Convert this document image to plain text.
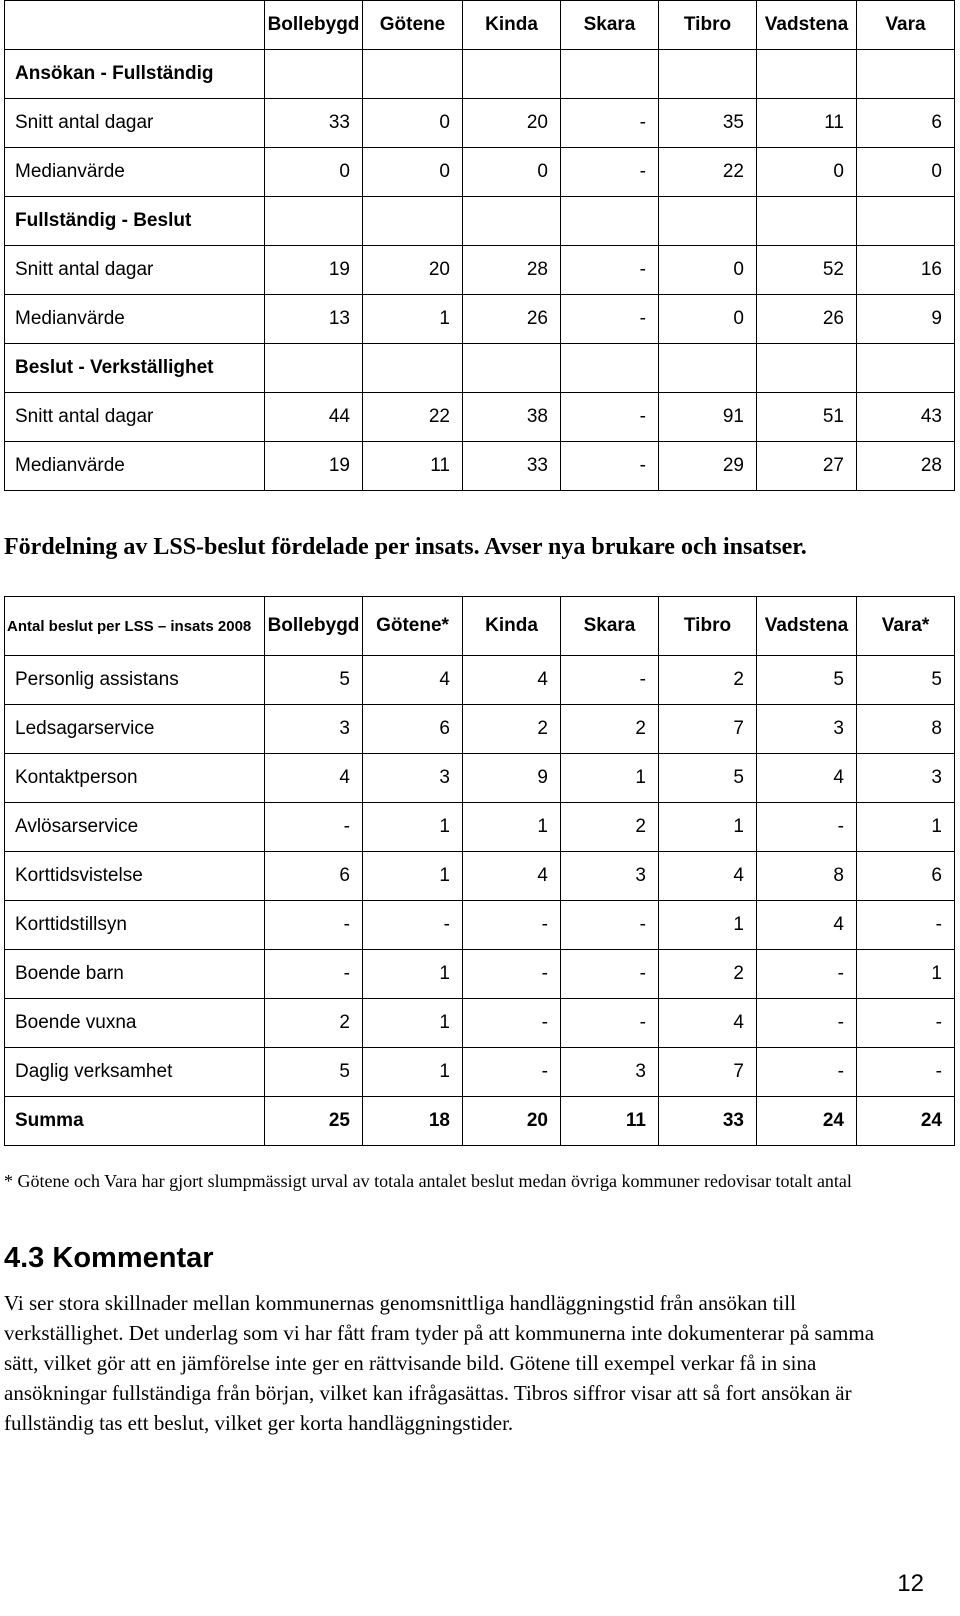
	Bollebygd	Götene	Kinda	Skara	Tibro	Vadstena	Vara
Ansökan - Fullständig							
Snitt antal dagar	33	0	20	-	35	11	6
Medianvärde	0	0	0	-	22	0	0
Fullständig - Beslut							
Snitt antal dagar	19	20	28	-	0	52	16
Medianvärde	13	1	26	-	0	26	9
Beslut - Verkställighet							
Snitt antal dagar	44	22	38	-	91	51	43
Medianvärde	19	11	33	-	29	27	28
Fördelning av LSS-beslut fördelade per insats. Avser nya brukare och insatser.
Antal beslut per LSS – insats 2008	Bollebygd	Götene*	Kinda	Skara	Tibro	Vadstena	Vara*
Personlig assistans	5	4	4	-	2	5	5
Ledsagarservice	3	6	2	2	7	3	8
Kontaktperson	4	3	9	1	5	4	3
Avlösarservice	-	1	1	2	1	-	1
Korttidsvistelse	6	1	4	3	4	8	6
Korttidstillsyn	-	-	-	-	1	4	-
Boende barn	-	1	-	-	2	-	1
Boende vuxna	2	1	-	-	4	-	-
Daglig verksamhet	5	1	-	3	7	-	-
Summa	25	18	20	11	33	24	24
* Götene och Vara har gjort slumpmässigt urval av totala antalet beslut medan övriga kommuner redovisar totalt antal
4.3 Kommentar
Vi ser stora skillnader mellan kommunernas genomsnittliga handläggningstid från ansökan till verkställighet. Det underlag som vi har fått fram tyder på att kommunerna inte dokumenterar på samma sätt, vilket gör att en jämförelse inte ger en rättvisande bild. Götene till exempel verkar få in sina ansökningar fullständiga från början, vilket kan ifrågasättas. Tibros siffror visar att så fort ansökan är fullständig tas ett beslut, vilket ger korta handläggningstider.
12
